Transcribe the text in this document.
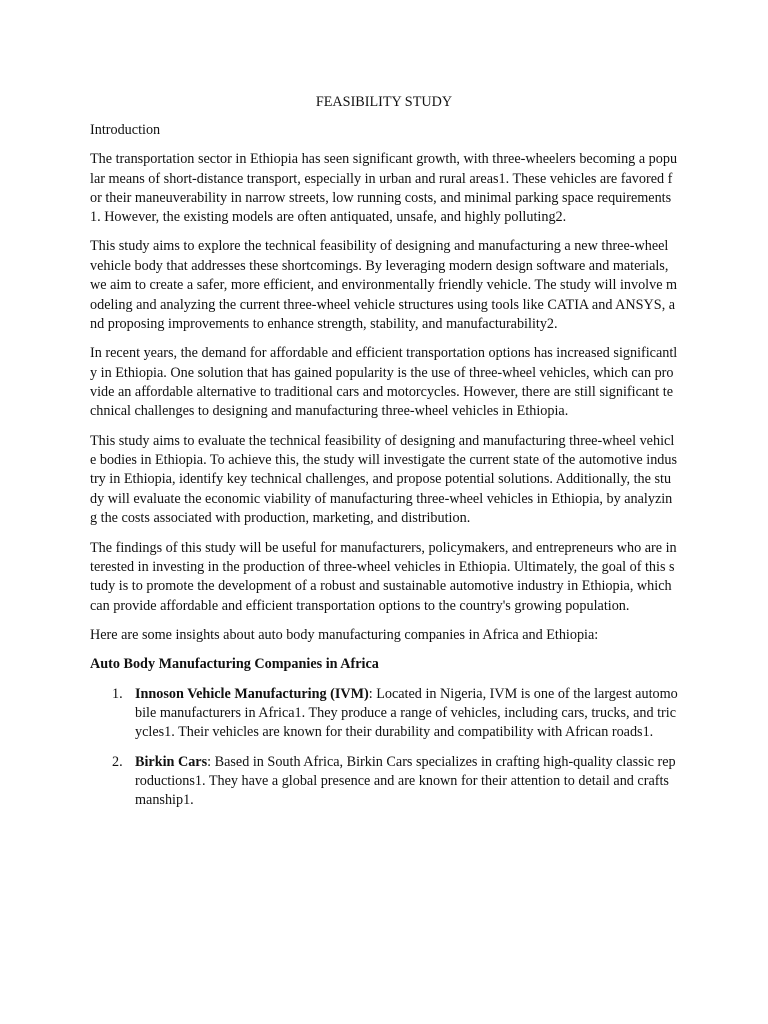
FEASIBILITY STUDY
Introduction
The transportation sector in Ethiopia has seen significant growth, with three-wheelers becoming a popular means of short-distance transport, especially in urban and rural areas1. These vehicles are favored for their maneuverability in narrow streets, low running costs, and minimal parking space requirements1. However, the existing models are often antiquated, unsafe, and highly polluting2.
This study aims to explore the technical feasibility of designing and manufacturing a new three-wheel vehicle body that addresses these shortcomings. By leveraging modern design software and materials, we aim to create a safer, more efficient, and environmentally friendly vehicle. The study will involve modeling and analyzing the current three-wheel vehicle structures using tools like CATIA and ANSYS, and proposing improvements to enhance strength, stability, and manufacturability2.
In recent years, the demand for affordable and efficient transportation options has increased significantly in Ethiopia. One solution that has gained popularity is the use of three-wheel vehicles, which can provide an affordable alternative to traditional cars and motorcycles. However, there are still significant technical challenges to designing and manufacturing three-wheel vehicles in Ethiopia.
This study aims to evaluate the technical feasibility of designing and manufacturing three-wheel vehicle bodies in Ethiopia. To achieve this, the study will investigate the current state of the automotive industry in Ethiopia, identify key technical challenges, and propose potential solutions. Additionally, the study will evaluate the economic viability of manufacturing three-wheel vehicles in Ethiopia, by analyzing the costs associated with production, marketing, and distribution.
The findings of this study will be useful for manufacturers, policymakers, and entrepreneurs who are interested in investing in the production of three-wheel vehicles in Ethiopia. Ultimately, the goal of this study is to promote the development of a robust and sustainable automotive industry in Ethiopia, which can provide affordable and efficient transportation options to the country's growing population.
Here are some insights about auto body manufacturing companies in Africa and Ethiopia:
Auto Body Manufacturing Companies in Africa
1. Innoson Vehicle Manufacturing (IVM): Located in Nigeria, IVM is one of the largest automobile manufacturers in Africa1. They produce a range of vehicles, including cars, trucks, and tricycles1. Their vehicles are known for their durability and compatibility with African roads1.
2. Birkin Cars: Based in South Africa, Birkin Cars specializes in crafting high-quality classic reproductions1. They have a global presence and are known for their attention to detail and craftsmanship1.
